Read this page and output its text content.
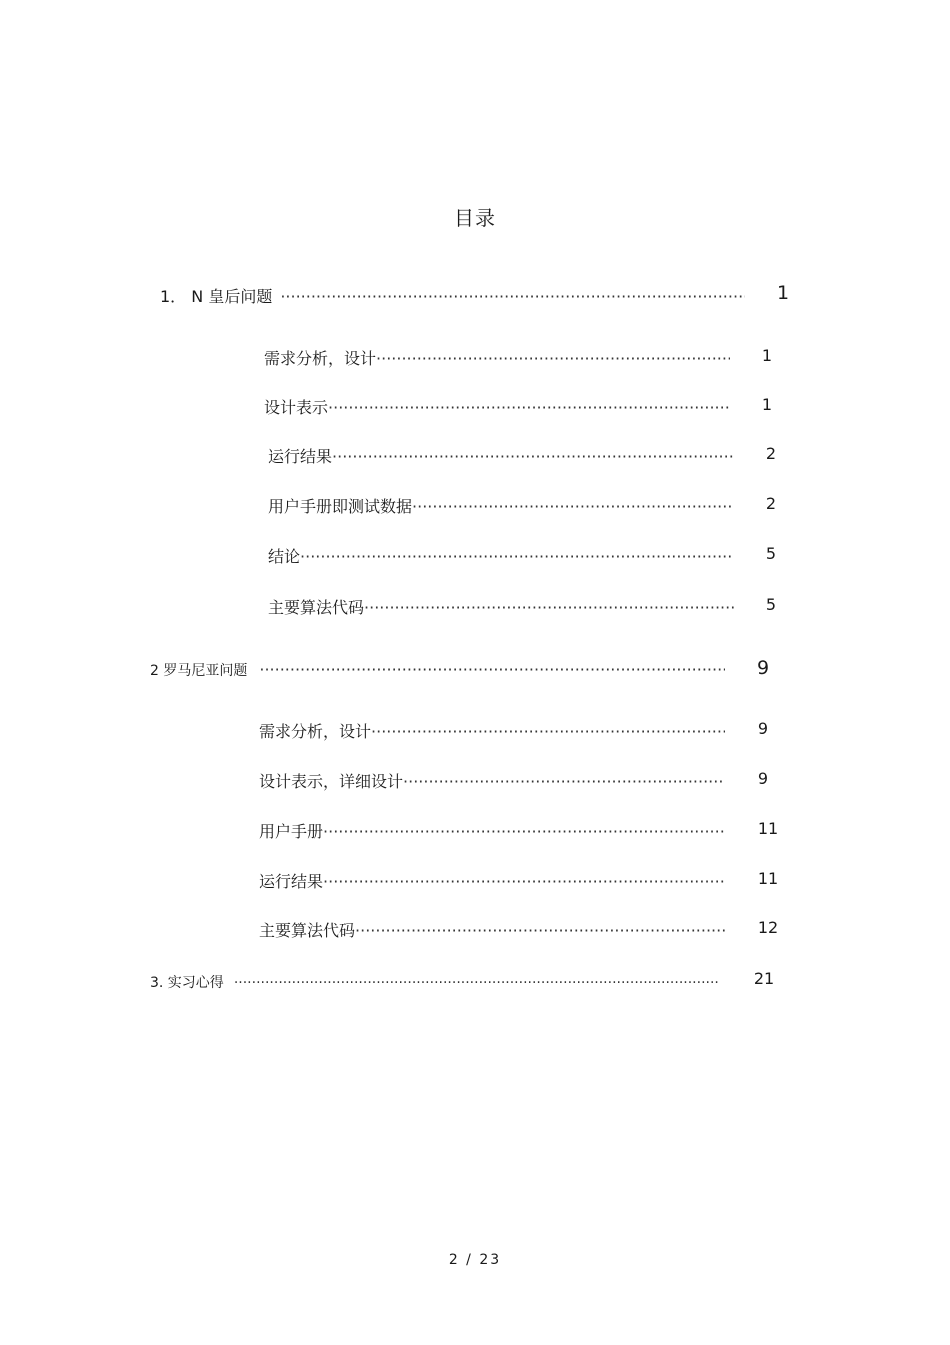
目录
1． N 皇后问题 ·····	1
需求分析，设计 ·····	1
设计表示 ·····	1
运行结果 ·····	2
用户手册即测试数据 ·····	2
结论 ·····	5
主要算法代码 ·····	5
2 罗马尼亚问题 ·····	9
需求分析，设计 ·····	9
设计表示，详细设计 ·····	9
用户手册 ·····	11
运行结果 ·····	11
主要算法代码 ·····	12
3. 实习心得 ·····	21
2 / 23
